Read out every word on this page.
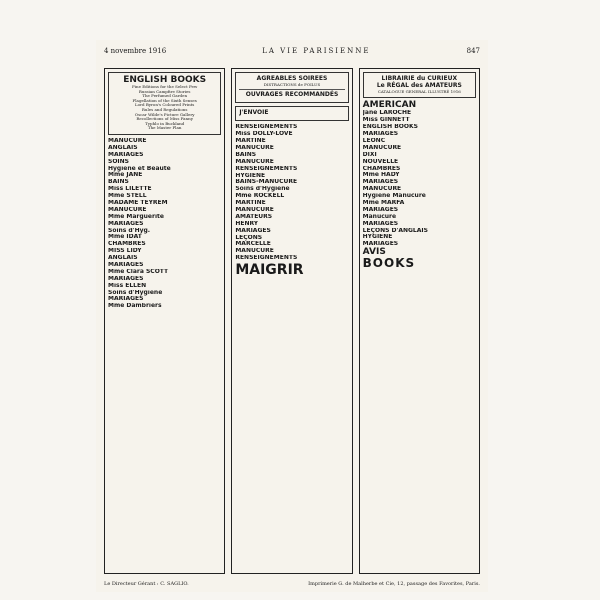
4 novembre 1916	LA VIE PARISIENNE	847
ENGLISH BOOKS
Fine Editions for the Select Few
Russian Campfire Stories
The Perfumed Garden
Flagellation of the Sixth Senses
Lord Byron's Coloured Prints
Rules and Regulations
Oscar Wilde's Picture Gallery
Recollections of Miss Fanny
Typhlo in Buckland
The Master Plan
MANUCURE
ANGLAIS
MARIAGES
SOINS
Hygiène et Beauté
Mme JANE
BAINS
Miss LILETTE
Mme STELL
MADAME TEYREM
MANUCURE
Mme Marguerite
MARIAGES
Soins d'Hyg.
Mme IDAT
CHAMBRES
MISS LIDY
ANGLAIS
MARIAGES
Mme Clara SCOTT
MARIAGES
Miss ELLEN
Soins d'Hygiène
MARIAGES
Mme Dambriers
AGREABLES SOIREES
DISTRACTIONS de POILUS
OUVRAGES RECOMMANDÉS
J'ENVOIE
RENSEIGNEMENTS
Miss DOLLY-LOVE
MARTINE
MANUCURE
BAINS
MANUCURE
RENSEIGNEMENTS
HYGIÈNE
BAINS-MANUCURE
Soins d'Hygiène
Mme ROCKELL
MARTINE
MANUCURE
AMATEURS
HENRY
MARIAGES
LEÇONS
MARCELLE
MANUCURE
RENSEIGNEMENTS
MAIGRIR
LIBRAIRIE du CURIEUX
Le RÉGAL des AMATEURS
CATALOGUE GENERAL ILLUSTRÉ 1916
AMERICAN
Jane LAROCHE
Miss GINNETT
ENGLISH BOOKS
MARIAGES
LEONC
MANUCURE
DIXI
NOUVELLE
CHAMBRES
Mme HADY
MARIAGES
MANUCURE
Hygiène Manucure
Mme MARFA
MARIAGES
Manucure
MARIAGES
LEÇONS D'ANGLAIS
HYGIÈNE
MARIAGES
AVIS
BOOKS
Le Directeur Gérant : C. SAGLIO.	Imprimerie G. de Malherbe et Cie, 12, passage des Favorites, Paris.
